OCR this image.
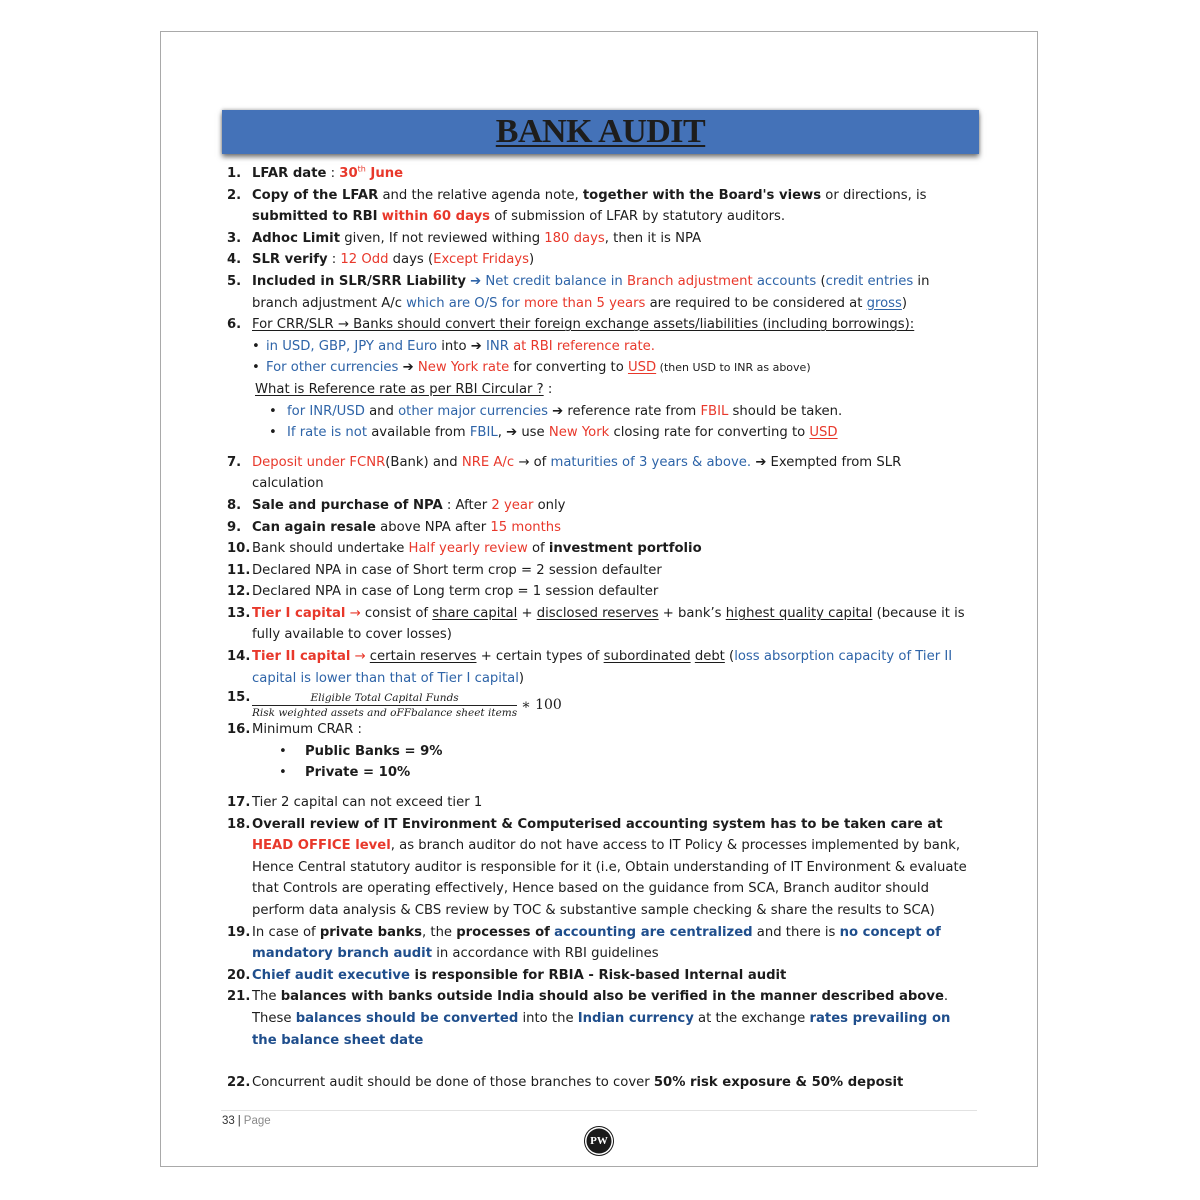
BANK AUDIT
1. LFAR date : 30th June
2. Copy of the LFAR and the relative agenda note, together with the Board's views or directions, is submitted to RBI within 60 days of submission of LFAR by statutory auditors.
3. Adhoc Limit given, If not reviewed withing 180 days, then it is NPA
4. SLR verify : 12 Odd days (Except Fridays)
5. Included in SLR/SRR Liability ➔ Net credit balance in Branch adjustment accounts (credit entries in branch adjustment A/c which are O/S for more than 5 years are required to be considered at gross)
6. For CRR/SLR → Banks should convert their foreign exchange assets/liabilities (including borrowings):
• in USD, GBP, JPY and Euro into ➔ INR at RBI reference rate.
• For other currencies ➔ New York rate for converting to USD (then USD to INR as above)
What is Reference rate as per RBI Circular ? :
• for INR/USD and other major currencies ➔ reference rate from FBIL should be taken.
• If rate is not available from FBIL, ➔ use New York closing rate for converting to USD
7. Deposit under FCNR(Bank) and NRE A/c → of maturities of 3 years & above. ➔ Exempted from SLR calculation
8. Sale and purchase of NPA : After 2 year only
9. Can again resale above NPA after 15 months
10. Bank should undertake Half yearly review of investment portfolio
11. Declared NPA in case of Short term crop = 2 session defaulter
12. Declared NPA in case of Long term crop = 1 session defaulter
13. Tier I capital → consist of share capital + disclosed reserves + bank’s highest quality capital (because it is fully available to cover losses)
14. Tier II capital → certain reserves + certain types of subordinated debt (loss absorption capacity of Tier II capital is lower than that of Tier I capital)
15. $\frac{\text{Eligible Total Capital Funds}}{\text{Risk weighted assets and oFFbalance sheet items}}$ ∗ 100
16. Minimum CRAR :
• Public Banks = 9%
• Private = 10%
17. Tier 2 capital can not exceed tier 1
18. Overall review of IT Environment & Computerised accounting system has to be taken care at HEAD OFFICE level, as branch auditor do not have access to IT Policy & processes implemented by bank, Hence Central statutory auditor is responsible for it (i.e, Obtain understanding of IT Environment & evaluate that Controls are operating effectively, Hence based on the guidance from SCA, Branch auditor should perform data analysis & CBS review by TOC & substantive sample checking & share the results to SCA)
19. In case of private banks, the processes of accounting are centralized and there is no concept of mandatory branch audit in accordance with RBI guidelines
20. Chief audit executive is responsible for RBIA - Risk-based Internal audit
21. The balances with banks outside India should also be verified in the manner described above. These balances should be converted into the Indian currency at the exchange rates prevailing on the balance sheet date
22. Concurrent audit should be done of those branches to cover 50% risk exposure & 50% deposit
33 | Page
PW
